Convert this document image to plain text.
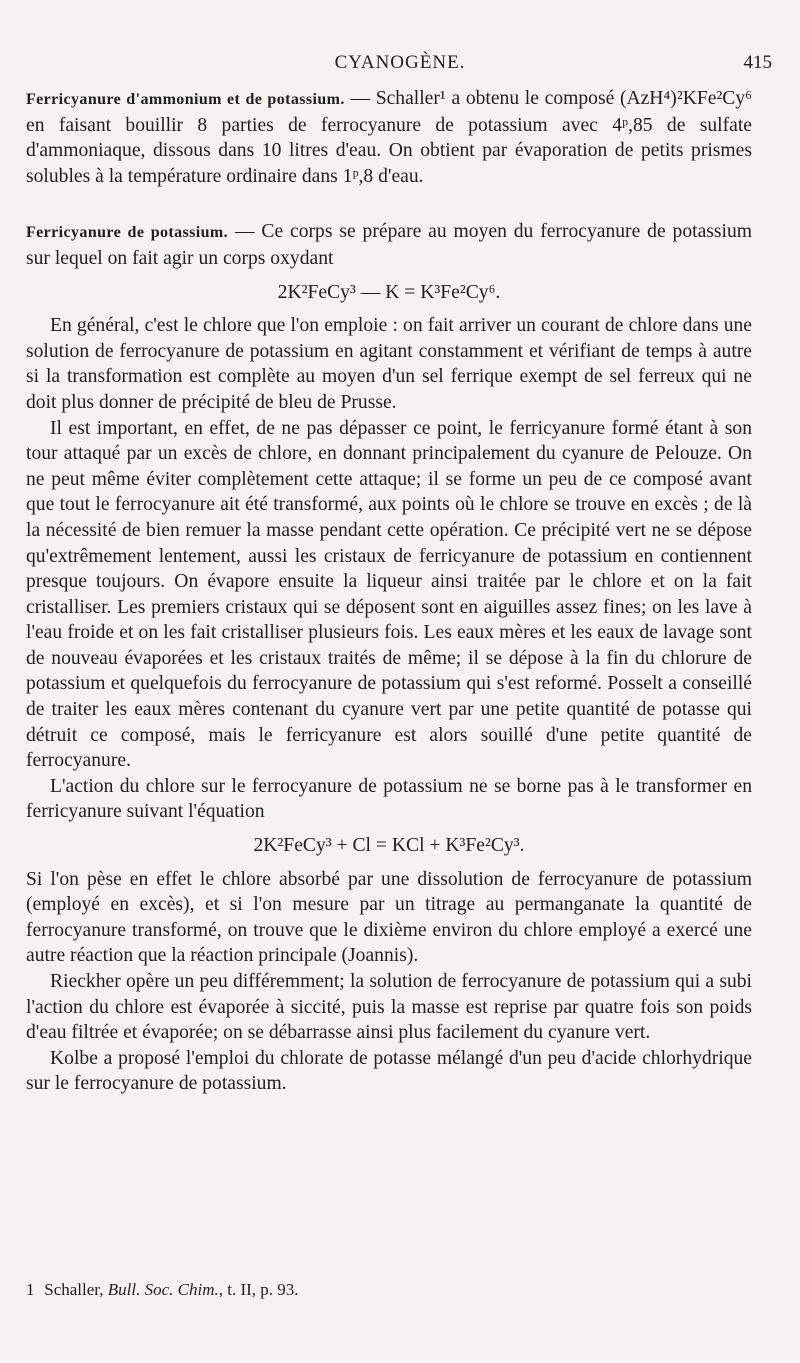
CYANOGÈNE.	415

Ferricyanure d'ammonium et de potassium. — Schaller¹ a obtenu le composé (AzH⁴)²KFe²Cy⁶ en faisant bouillir 8 parties de ferrocyanure de potassium avec 4ᵖ,85 de sulfate d'ammoniaque, dissous dans 10 litres d'eau. On obtient par évaporation de petits prismes solubles à la température ordinaire dans 1ᵖ,8 d'eau.

Ferricyanure de potassium. — Ce corps se prépare au moyen du ferrocyanure de potassium sur lequel on fait agir un corps oxydant

2K²FeCy³ — K = K³Fe²Cy⁶.

En général, c'est le chlore que l'on emploie : on fait arriver un courant de chlore dans une solution de ferrocyanure de potassium en agitant constamment et vérifiant de temps à autre si la transformation est complète au moyen d'un sel ferrique exempt de sel ferreux qui ne doit plus donner de précipité de bleu de Prusse.

Il est important, en effet, de ne pas dépasser ce point, le ferricyanure formé étant à son tour attaqué par un excès de chlore, en donnant principalement du cyanure de Pelouze. On ne peut même éviter complètement cette attaque; il se forme un peu de ce composé avant que tout le ferrocyanure ait été transformé, aux points où le chlore se trouve en excès ; de là la nécessité de bien remuer la masse pendant cette opération. Ce précipité vert ne se dépose qu'extrêmement lentement, aussi les cristaux de ferricyanure de potassium en contiennent presque toujours. On évapore ensuite la liqueur ainsi traitée par le chlore et on la fait cristalliser. Les premiers cristaux qui se déposent sont en aiguilles assez fines; on les lave à l'eau froide et on les fait cristalliser plusieurs fois. Les eaux mères et les eaux de lavage sont de nouveau évaporées et les cristaux traités de même; il se dépose à la fin du chlorure de potassium et quelquefois du ferrocyanure de potassium qui s'est reformé. Posselt a conseillé de traiter les eaux mères contenant du cyanure vert par une petite quantité de potasse qui détruit ce composé, mais le ferricyanure est alors souillé d'une petite quantité de ferrocyanure.

L'action du chlore sur le ferrocyanure de potassium ne se borne pas à le transformer en ferricyanure suivant l'équation

2K²FeCy³ + Cl = KCl + K³Fe²Cy³.

Si l'on pèse en effet le chlore absorbé par une dissolution de ferrocyanure de potassium (employé en excès), et si l'on mesure par un titrage au permanganate la quantité de ferrocyanure transformé, on trouve que le dixième environ du chlore employé a exercé une autre réaction que la réaction principale (Joannis).

Rieckher opère un peu différemment; la solution de ferrocyanure de potassium qui a subi l'action du chlore est évaporée à siccité, puis la masse est reprise par quatre fois son poids d'eau filtrée et évaporée; on se débarrasse ainsi plus facilement du cyanure vert.

Kolbe a proposé l'emploi du chlorate de potasse mélangé d'un peu d'acide chlorhydrique sur le ferrocyanure de potassium.

1 Schaller, Bull. Soc. Chim., t. II, p. 93.
